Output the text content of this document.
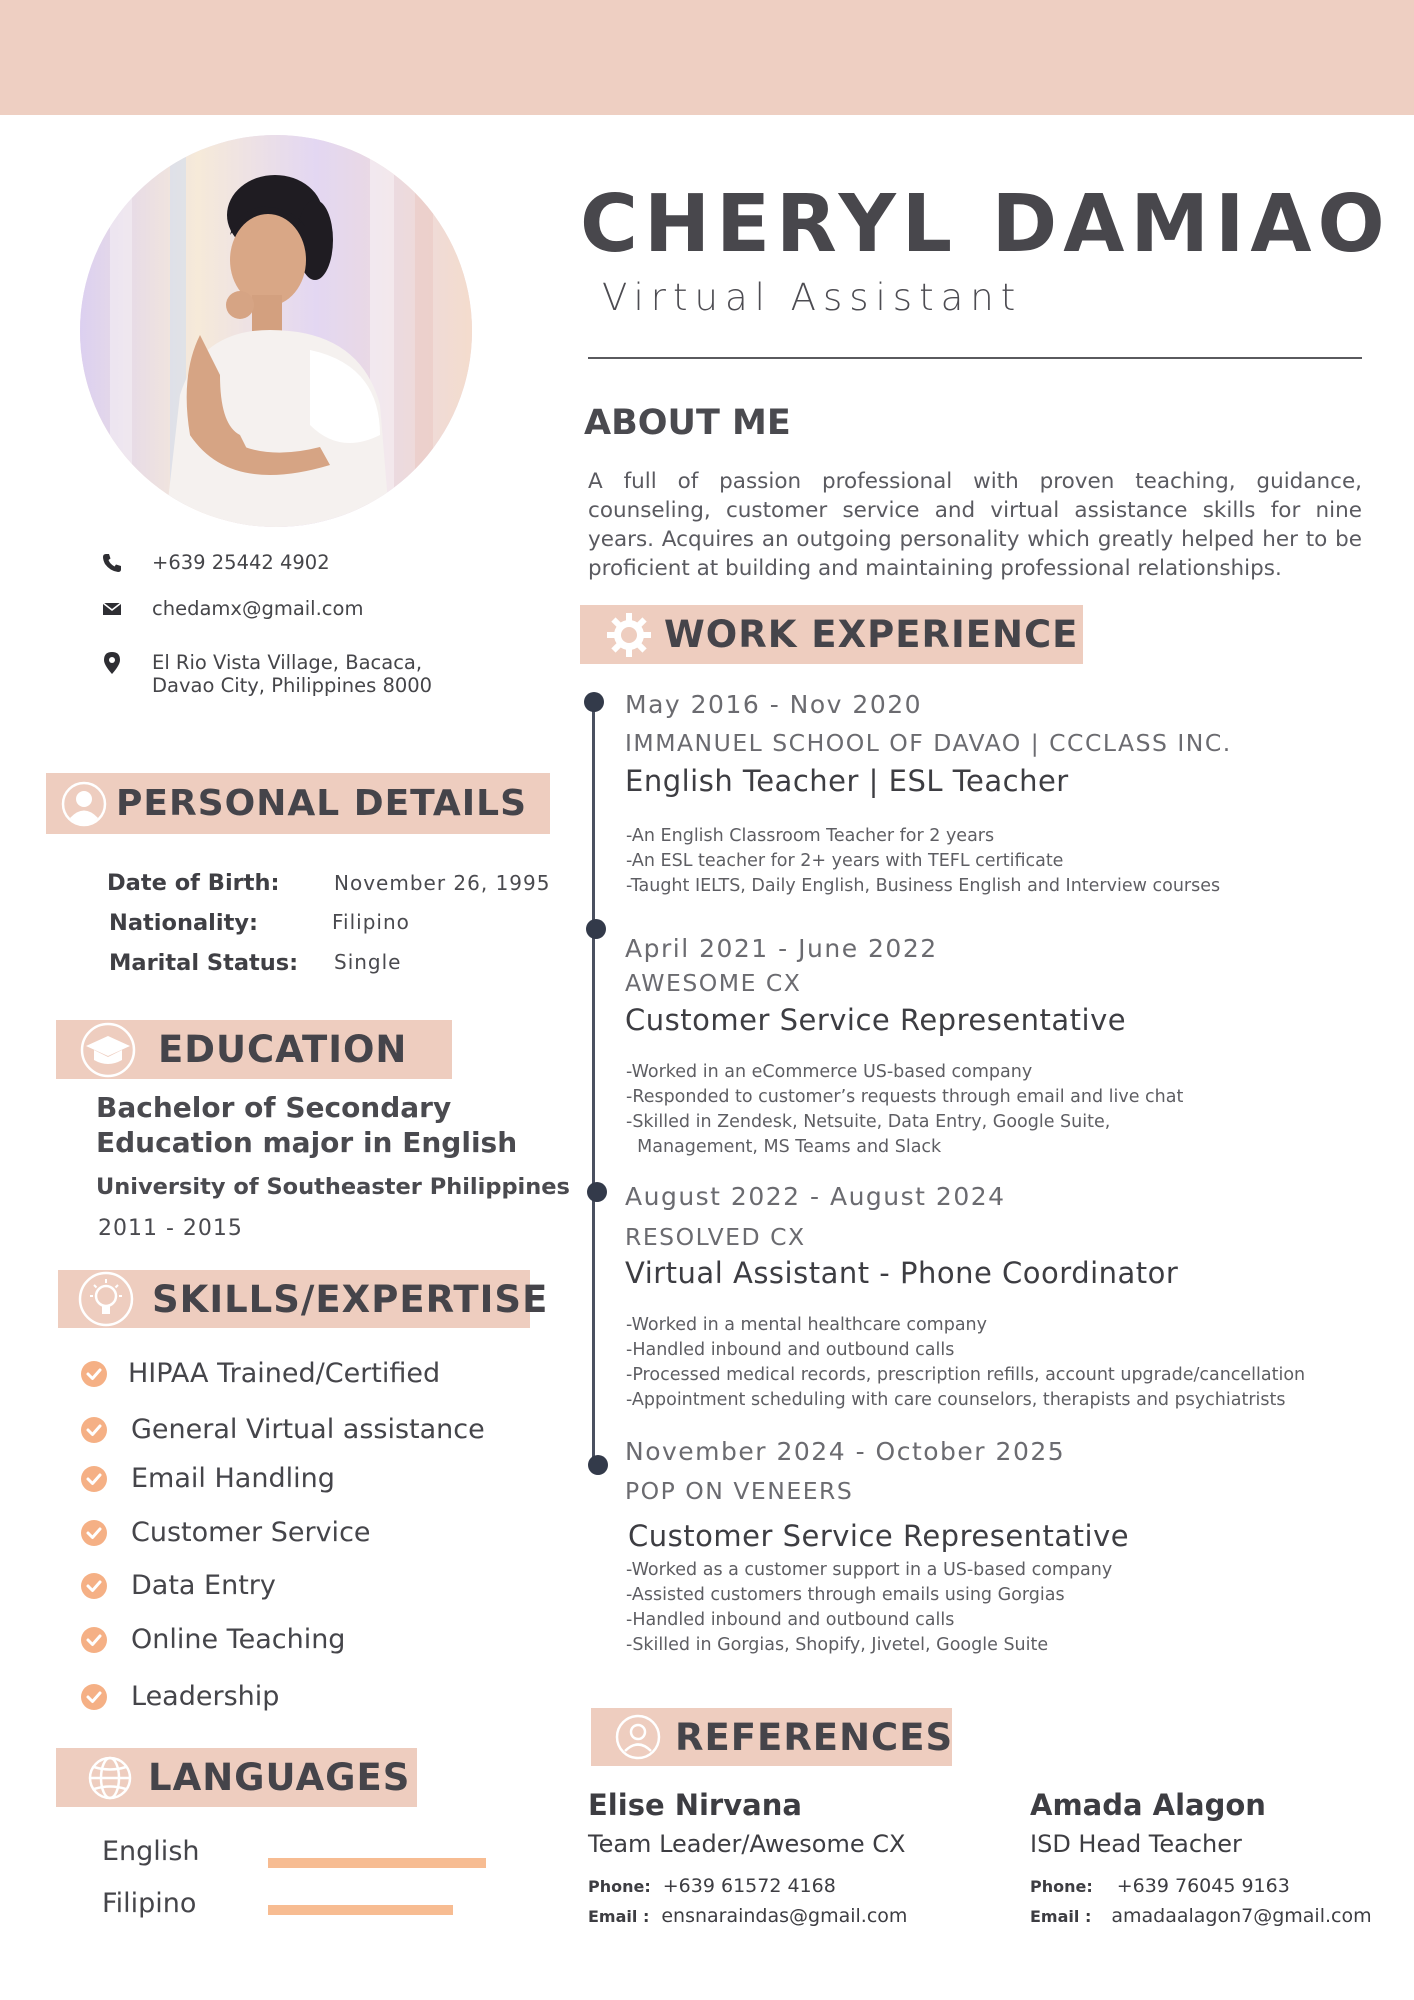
CHERYL DAMIAO
Virtual Assistant
+639 25442 4902
chedamx@gmail.com
El Rio Vista Village, Bacaca,
Davao City, Philippines 8000
ABOUT ME
A full of passion professional with proven teaching, guidance, counseling, customer service and virtual assistance skills for nine years. Acquires an outgoing personality which greatly helped her to be proficient at building and maintaining professional relationships.
WORK EXPERIENCE
May 2016 - Nov 2020
IMMANUEL SCHOOL OF DAVAO | CCCLASS INC.
English Teacher | ESL Teacher
-An English Classroom Teacher for 2 years
-An ESL teacher for 2+ years with TEFL certificate
-Taught IELTS, Daily English, Business English and Interview courses
April 2021 - June 2022
AWESOME CX
Customer Service Representative
-Worked in an eCommerce US-based company
-Responded to customer’s requests through email and live chat
-Skilled in Zendesk, Netsuite, Data Entry, Google Suite,
Management, MS Teams and Slack
August 2022 - August 2024
RESOLVED CX
Virtual Assistant - Phone Coordinator
-Worked in a mental healthcare company
-Handled inbound and outbound calls
-Processed medical records, prescription refills, account upgrade/cancellation
-Appointment scheduling with care counselors, therapists and psychiatrists
November 2024 - October 2025
POP ON VENEERS
Customer Service Representative
-Worked as a customer support in a US-based company
-Assisted customers through emails using Gorgias
-Handled inbound and outbound calls
-Skilled in Gorgias, Shopify, Jivetel, Google Suite
PERSONAL DETAILS
Date of Birth:	November 26, 1995
Nationality:	Filipino
Marital Status: Single
EDUCATION
Bachelor of Secondary
Education major in English
University of Southeaster Philippines
2011 - 2015
SKILLS/EXPERTISE
HIPAA Trained/Certified
General Virtual assistance
Email Handling
Customer Service
Data Entry
Online Teaching
Leadership
LANGUAGES
English
Filipino
REFERENCES
Elise Nirvana
Team Leader/Awesome CX
Phone: +639 61572 4168
Email : ensnaraindas@gmail.com
Amada Alagon
ISD Head Teacher
Phone: +639 76045 9163
Email : amadaalagon7@gmail.com
